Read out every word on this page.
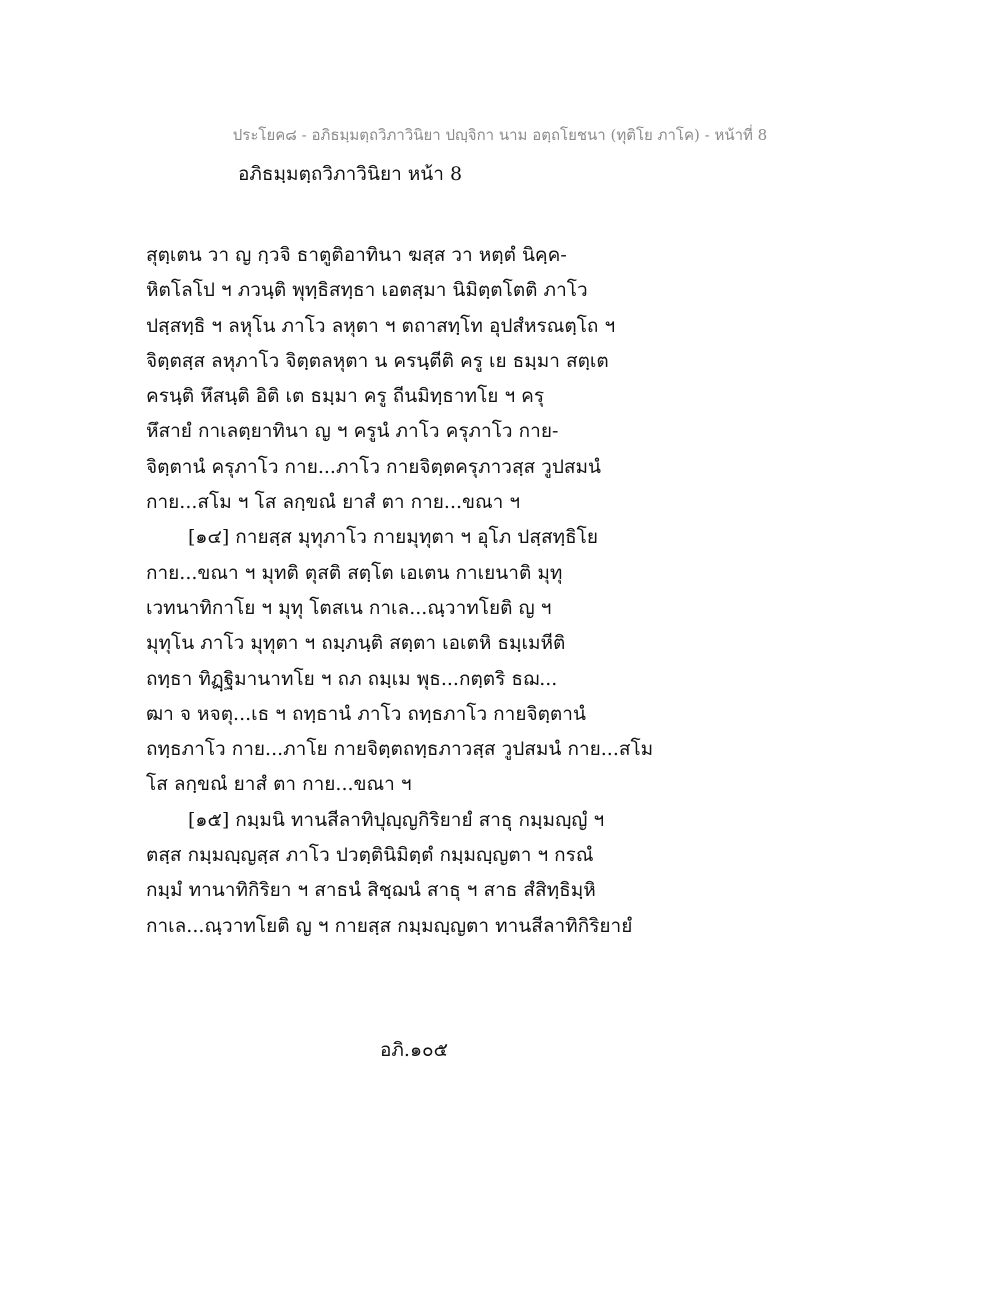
ประโยค๘ - อภิธมฺมตฺถวิภาวินิยา ปญฺจิกา นาม อตฺถโยชนา (ทุติโย ภาโค) - หน้าที่ 8
อภิธมฺมตฺถวิภาวินิยา หน้า 8
สุตฺเตน วา ญ กฺวจิ ธาตูติอาทินา ฆสฺส วา หตฺตํ นิคฺค-
หิตโลโป ฯ ภวนฺติ พุทฺธิสทฺธา เอตสฺมา นิมิตฺตโตติ ภาโว
ปสฺสทฺธิ ฯ ลหุโน ภาโว ลหุตา ฯ ตถาสทฺโท อุปสํหรณตฺโถ ฯ
จิตฺตสฺส ลหุภาโว จิตฺตลหุตา น ครนฺตีติ ครู เย ธมฺมา สตฺเต
ครนฺติ หึสนฺติ อิติ เต ธมฺมา ครู ถีนมิทฺธาทโย ฯ ครุ
หึสายํ กาเลตฺยาทินา ญ ฯ ครูนํ ภาโว ครุภาโว กาย-
จิตฺตานํ ครุภาโว กาย...ภาโว กายจิตฺตครุภาวสฺส วูปสมนํ
กาย...สโม ฯ โส ลกฺขณํ ยาสํ ตา กาย...ขณา ฯ
[๑๔] กายสฺส มุทุภาโว กายมุทุตา ฯ อุโภ ปสฺสทฺธิโย
กาย...ขณา ฯ มุทติ ตุสติ สตฺโต เอเตน กาเยนาติ มุทุ
เวทนาทิกาโย ฯ มุทุ โตสเน กาเล...ณฺวาทโยติ ญ ฯ
มุทุโน ภาโว มุทุตา ฯ ถมฺภนฺติ สตฺตา เอเตหิ ธมฺเมหีติ
ถทฺธา ทิฏฺฐิมานาทโย ฯ ถภ ถมฺเม พุธ...กตฺตริ ธฌ...
ฒา จ หจตุ...เธ ฯ ถทฺธานํ ภาโว ถทฺธภาโว กายจิตฺตานํ
ถทฺธภาโว กาย...ภาโย กายจิตฺตถทฺธภาวสฺส วูปสมนํ กาย...สโม
โส ลกฺขณํ ยาสํ ตา กาย...ขณา ฯ
[๑๕] กมฺมนิ ทานสีลาทิปุญฺญกิริยายํ สาธุ กมฺมญฺญํ ฯ
ตสฺส กมฺมญฺญสฺส ภาโว ปวตฺตินิมิตฺตํ กมฺมญฺญตา ฯ กรณํ
กมฺมํ ทานาทิกิริยา ฯ สาธนํ สิชฺฌนํ สาธุ ฯ สาธ สํสิทฺธิมฺหิ
กาเล...ณฺวาทโยติ ญ ฯ กายสฺส กมฺมญฺญตา ทานสีลาทิกิริยายํ
อภิ.๑๐๕
